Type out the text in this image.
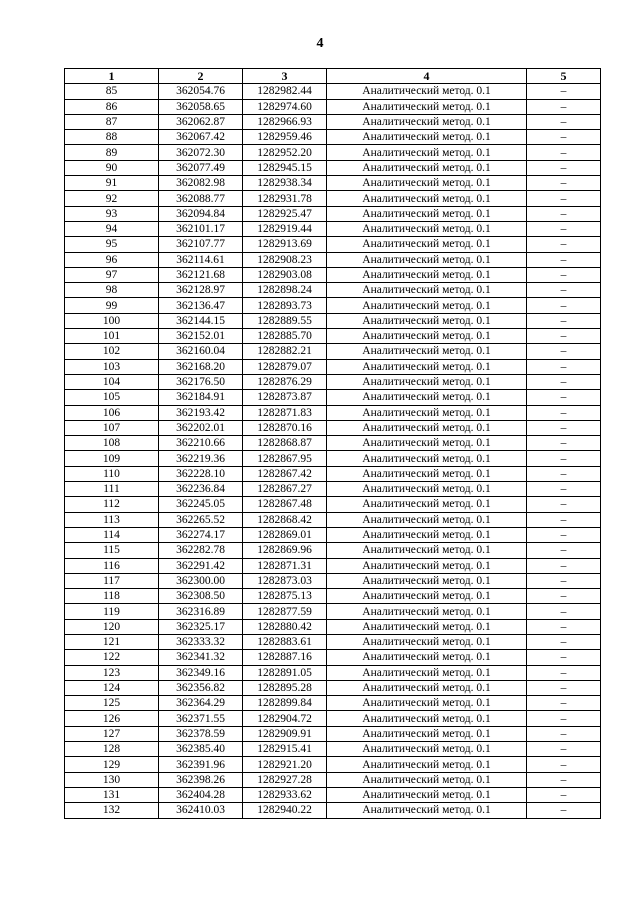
4
1	2	3	4	5
85	362054.76	1282982.44	Аналитический метод. 0.1	–
86	362058.65	1282974.60	Аналитический метод. 0.1	–
87	362062.87	1282966.93	Аналитический метод. 0.1	–
88	362067.42	1282959.46	Аналитический метод. 0.1	–
89	362072.30	1282952.20	Аналитический метод. 0.1	–
90	362077.49	1282945.15	Аналитический метод. 0.1	–
91	362082.98	1282938.34	Аналитический метод. 0.1	–
92	362088.77	1282931.78	Аналитический метод. 0.1	–
93	362094.84	1282925.47	Аналитический метод. 0.1	–
94	362101.17	1282919.44	Аналитический метод. 0.1	–
95	362107.77	1282913.69	Аналитический метод. 0.1	–
96	362114.61	1282908.23	Аналитический метод. 0.1	–
97	362121.68	1282903.08	Аналитический метод. 0.1	–
98	362128.97	1282898.24	Аналитический метод. 0.1	–
99	362136.47	1282893.73	Аналитический метод. 0.1	–
100	362144.15	1282889.55	Аналитический метод. 0.1	–
101	362152.01	1282885.70	Аналитический метод. 0.1	–
102	362160.04	1282882.21	Аналитический метод. 0.1	–
103	362168.20	1282879.07	Аналитический метод. 0.1	–
104	362176.50	1282876.29	Аналитический метод. 0.1	–
105	362184.91	1282873.87	Аналитический метод. 0.1	–
106	362193.42	1282871.83	Аналитический метод. 0.1	–
107	362202.01	1282870.16	Аналитический метод. 0.1	–
108	362210.66	1282868.87	Аналитический метод. 0.1	–
109	362219.36	1282867.95	Аналитический метод. 0.1	–
110	362228.10	1282867.42	Аналитический метод. 0.1	–
111	362236.84	1282867.27	Аналитический метод. 0.1	–
112	362245.05	1282867.48	Аналитический метод. 0.1	–
113	362265.52	1282868.42	Аналитический метод. 0.1	–
114	362274.17	1282869.01	Аналитический метод. 0.1	–
115	362282.78	1282869.96	Аналитический метод. 0.1	–
116	362291.42	1282871.31	Аналитический метод. 0.1	–
117	362300.00	1282873.03	Аналитический метод. 0.1	–
118	362308.50	1282875.13	Аналитический метод. 0.1	–
119	362316.89	1282877.59	Аналитический метод. 0.1	–
120	362325.17	1282880.42	Аналитический метод. 0.1	–
121	362333.32	1282883.61	Аналитический метод. 0.1	–
122	362341.32	1282887.16	Аналитический метод. 0.1	–
123	362349.16	1282891.05	Аналитический метод. 0.1	–
124	362356.82	1282895.28	Аналитический метод. 0.1	–
125	362364.29	1282899.84	Аналитический метод. 0.1	–
126	362371.55	1282904.72	Аналитический метод. 0.1	–
127	362378.59	1282909.91	Аналитический метод. 0.1	–
128	362385.40	1282915.41	Аналитический метод. 0.1	–
129	362391.96	1282921.20	Аналитический метод. 0.1	–
130	362398.26	1282927.28	Аналитический метод. 0.1	–
131	362404.28	1282933.62	Аналитический метод. 0.1	–
132	362410.03	1282940.22	Аналитический метод. 0.1	–
